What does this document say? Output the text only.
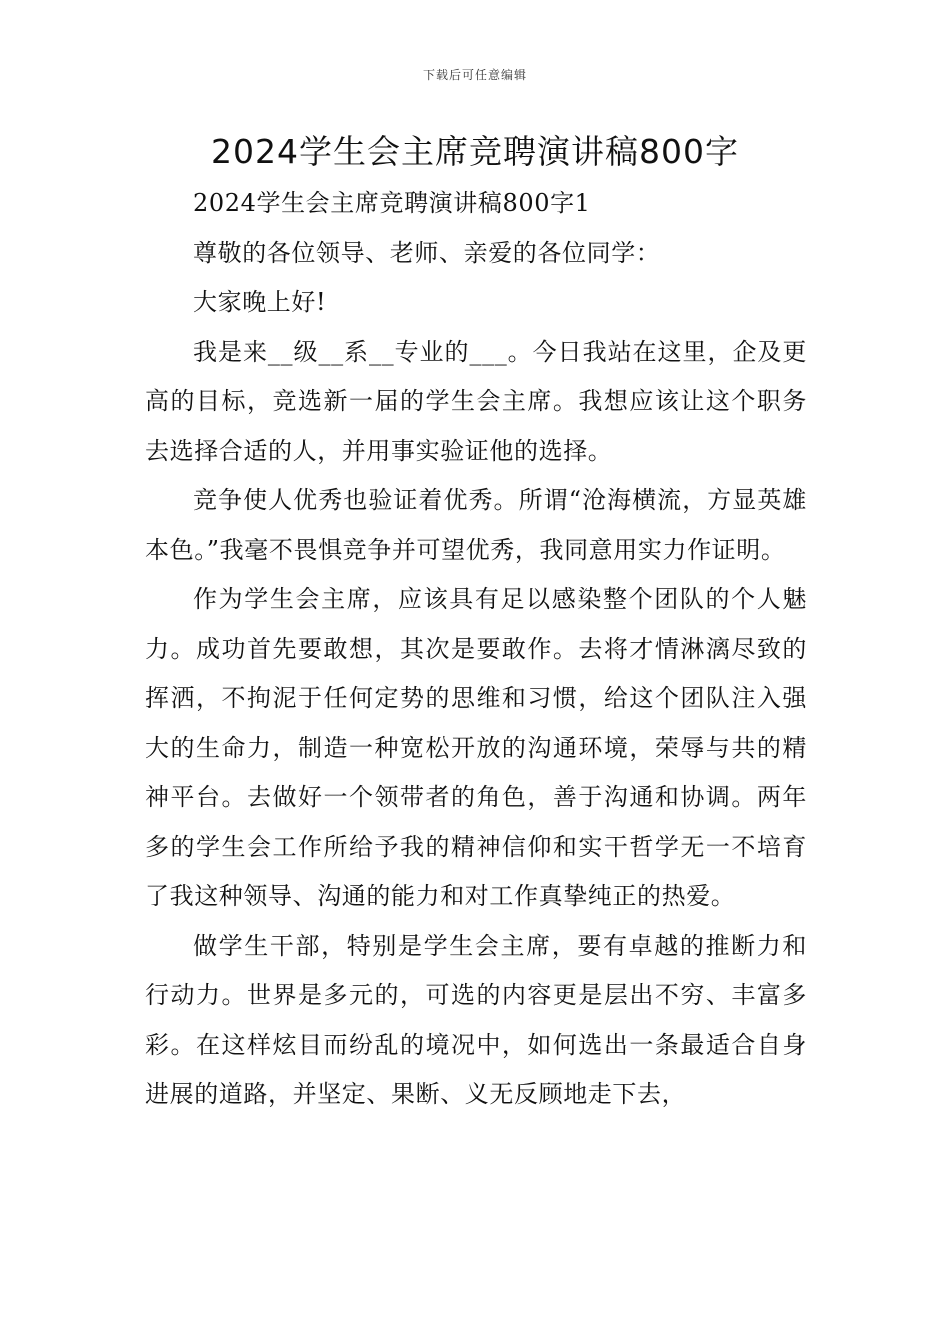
下载后可任意编辑
2024学生会主席竞聘演讲稿800字

2024学生会主席竞聘演讲稿800字1

尊敬的各位领导、老师、亲爱的各位同学：

大家晚上好!

我是来__级__系__专业的___。今日我站在这里，企及更高的目标，竞选新一届的学生会主席。我想应该让这个职务去选择合适的人，并用事实验证他的选择。

竞争使人优秀也验证着优秀。所谓“沧海横流，方显英雄本色。”我毫不畏惧竞争并可望优秀，我同意用实力作证明。

作为学生会主席，应该具有足以感染整个团队的个人魅力。成功首先要敢想，其次是要敢作。去将才情淋漓尽致的挥洒，不拘泥于任何定势的思维和习惯，给这个团队注入强大的生命力，制造一种宽松开放的沟通环境，荣辱与共的精神平台。去做好一个领带者的角色，善于沟通和协调。两年多的学生会工作所给予我的精神信仰和实干哲学无一不培育了我这种领导、沟通的能力和对工作真挚纯正的热爱。

做学生干部，特别是学生会主席，要有卓越的推断力和行动力。世界是多元的，可选的内容更是层出不穷、丰富多彩。在这样炫目而纷乱的境况中，如何选出一条最适合自身进展的道路，并坚定、果断、义无反顾地走下去，
